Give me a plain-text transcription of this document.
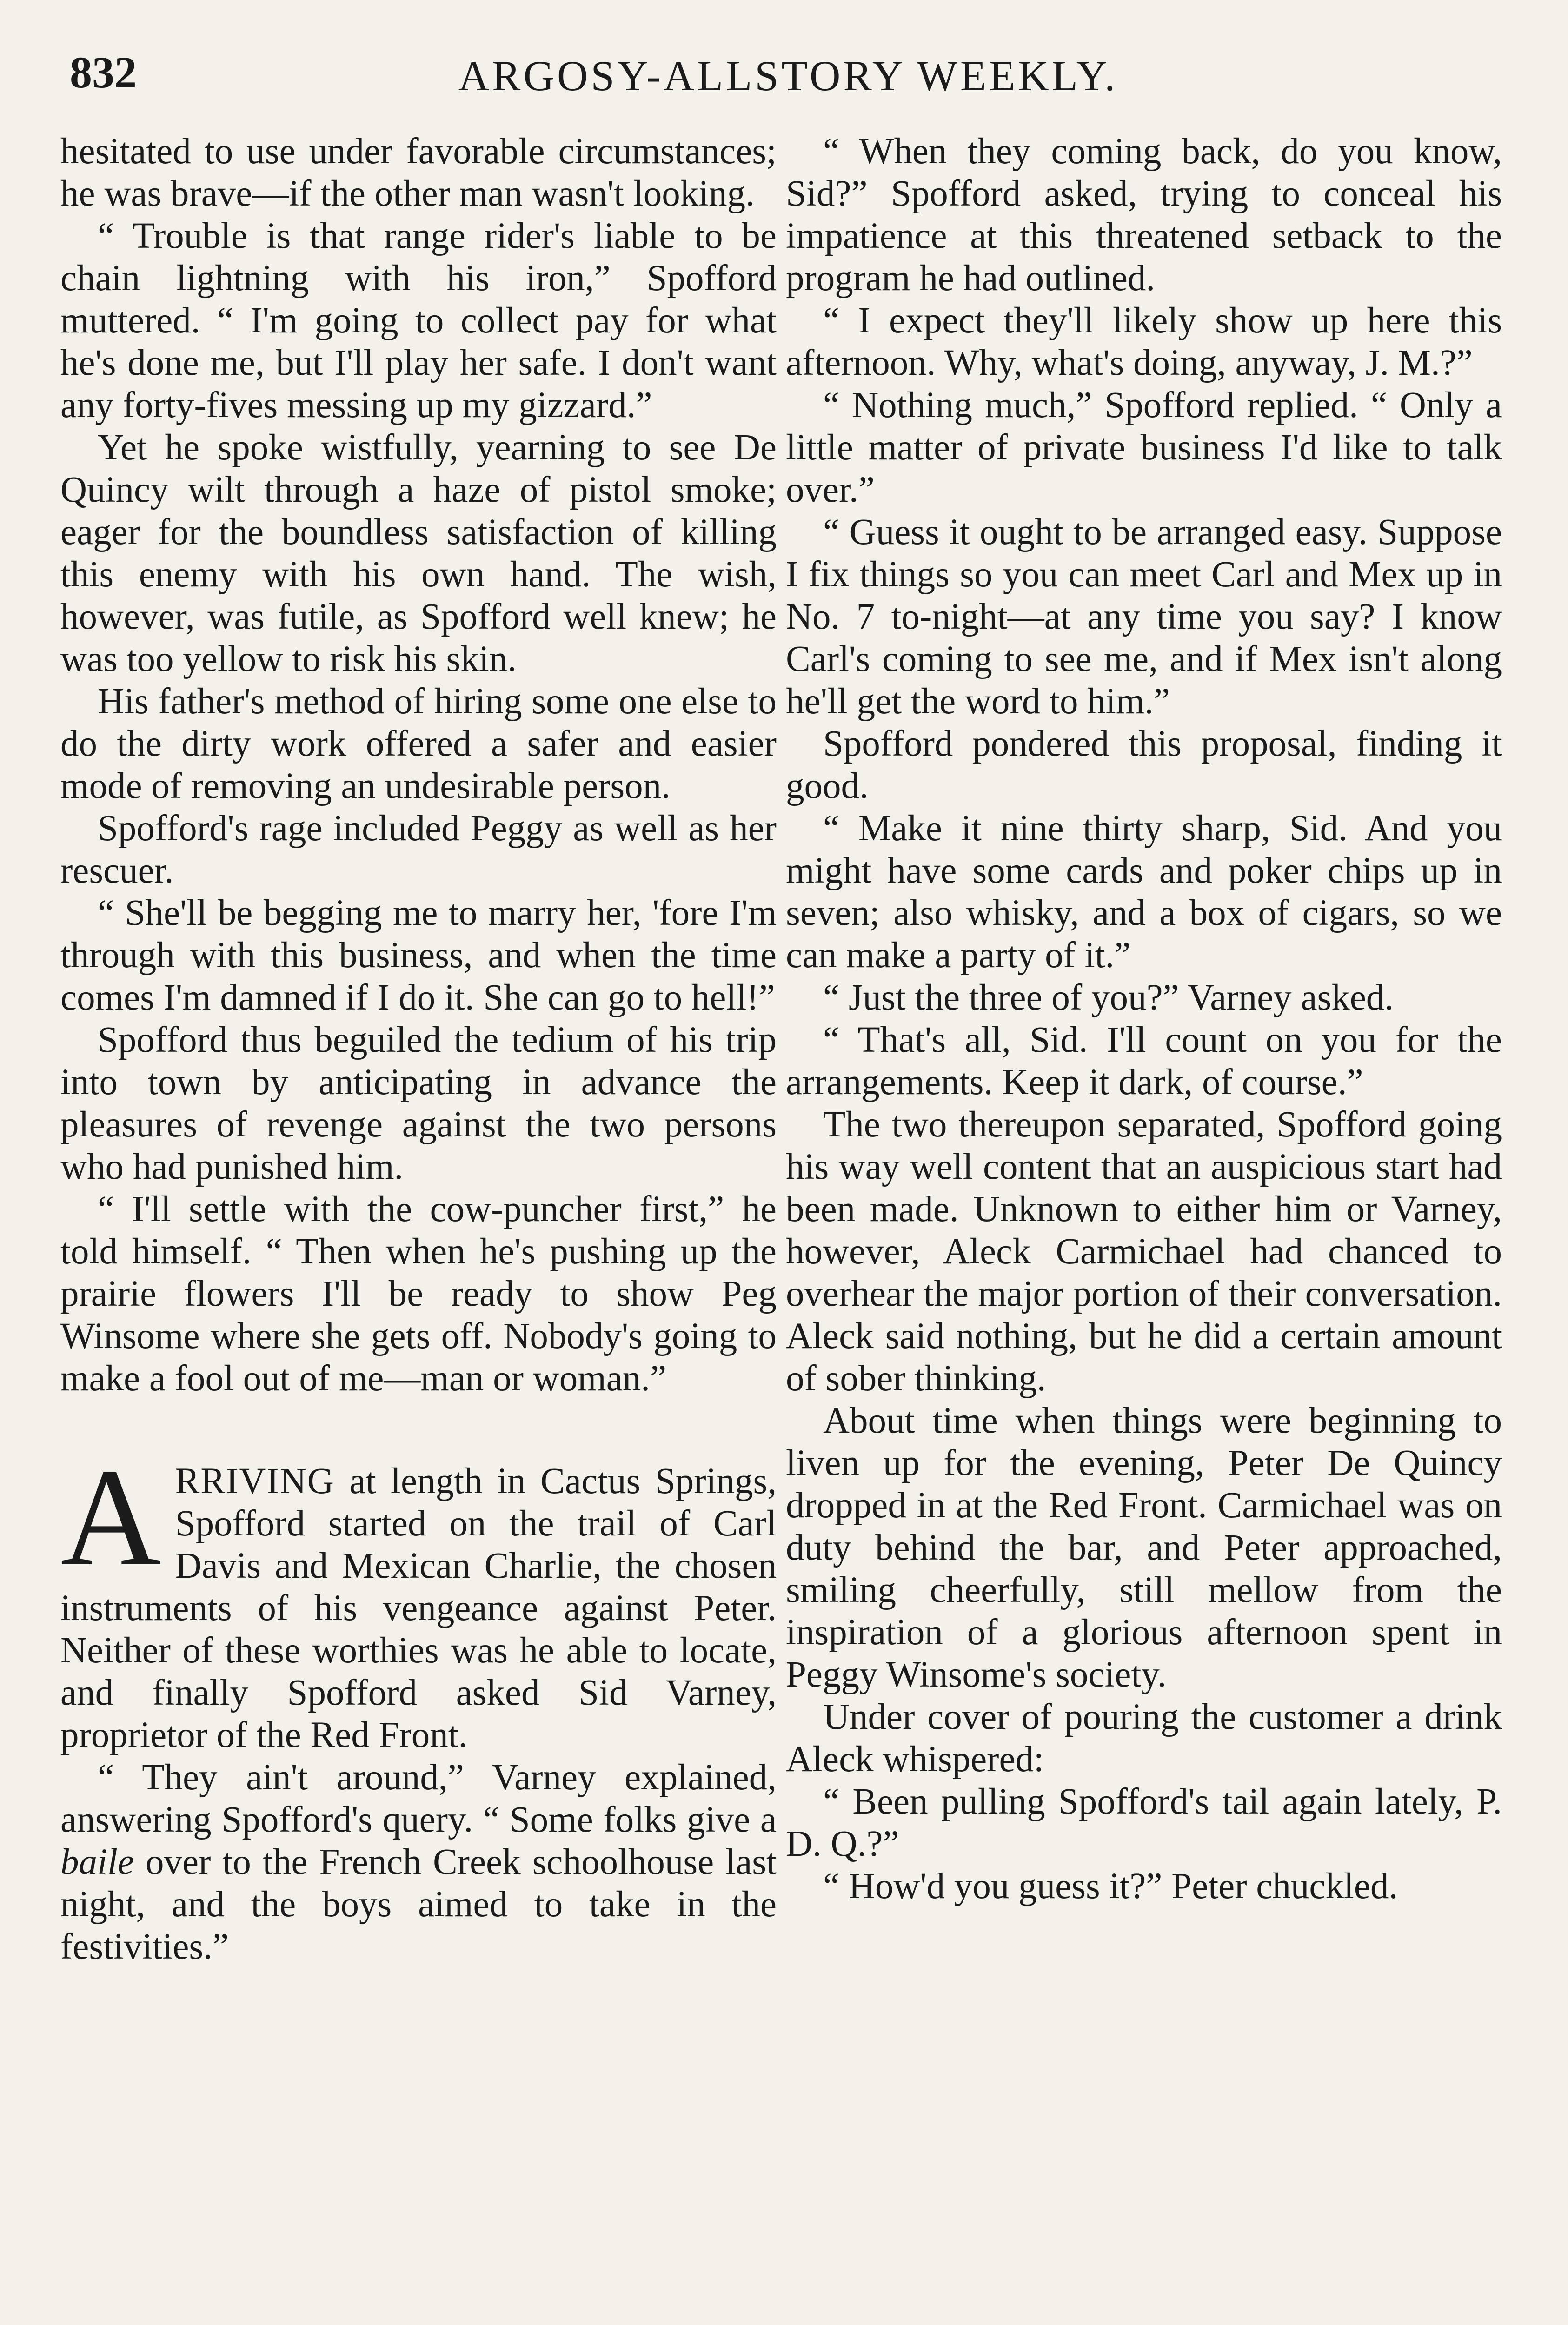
832	ARGOSY-ALLSTORY WEEKLY.

hesitated to use under favorable circumstances; he was brave—if the other man wasn't looking.

“ Trouble is that range rider's liable to be chain lightning with his iron,” Spofford muttered. “ I'm going to collect pay for what he's done me, but I'll play her safe. I don't want any forty-fives messing up my gizzard.”

Yet he spoke wistfully, yearning to see De Quincy wilt through a haze of pistol smoke; eager for the boundless satisfaction of killing this enemy with his own hand. The wish, however, was futile, as Spofford well knew; he was too yellow to risk his skin.

His father's method of hiring some one else to do the dirty work offered a safer and easier mode of removing an undesirable person.

Spofford's rage included Peggy as well as her rescuer.

“ She'll be begging me to marry her, 'fore I'm through with this business, and when the time comes I'm damned if I do it. She can go to hell!”

Spofford thus beguiled the tedium of his trip into town by anticipating in advance the pleasures of revenge against the two persons who had punished him.

“ I'll settle with the cow-puncher first,” he told himself. “ Then when he's pushing up the prairie flowers I'll be ready to show Peg Winsome where she gets off. Nobody's going to make a fool out of me—man or woman.”

ARRIVING at length in Cactus Springs, Spofford started on the trail of Carl Davis and Mexican Charlie, the chosen instruments of his vengeance against Peter. Neither of these worthies was he able to locate, and finally Spofford asked Sid Varney, proprietor of the Red Front.

“ They ain't around,” Varney explained, answering Spofford's query. “ Some folks give a baile over to the French Creek schoolhouse last night, and the boys aimed to take in the festivities.”

“ When they coming back, do you know, Sid?” Spofford asked, trying to conceal his impatience at this threatened setback to the program he had outlined.

“ I expect they'll likely show up here this afternoon. Why, what's doing, anyway, J. M.?”

“ Nothing much,” Spofford replied. “ Only a little matter of private business I'd like to talk over.”

“ Guess it ought to be arranged easy. Suppose I fix things so you can meet Carl and Mex up in No. 7 to-night—at any time you say? I know Carl's coming to see me, and if Mex isn't along he'll get the word to him.”

Spofford pondered this proposal, finding it good.

“ Make it nine thirty sharp, Sid. And you might have some cards and poker chips up in seven; also whisky, and a box of cigars, so we can make a party of it.”

“ Just the three of you?” Varney asked.

“ That's all, Sid. I'll count on you for the arrangements. Keep it dark, of course.”

The two thereupon separated, Spofford going his way well content that an auspicious start had been made. Unknown to either him or Varney, however, Aleck Carmichael had chanced to overhear the major portion of their conversation. Aleck said nothing, but he did a certain amount of sober thinking.

About time when things were beginning to liven up for the evening, Peter De Quincy dropped in at the Red Front. Carmichael was on duty behind the bar, and Peter approached, smiling cheerfully, still mellow from the inspiration of a glorious afternoon spent in Peggy Winsome's society.

Under cover of pouring the customer a drink Aleck whispered:

“ Been pulling Spofford's tail again lately, P. D. Q.?”

“ How'd you guess it?” Peter chuckled.
